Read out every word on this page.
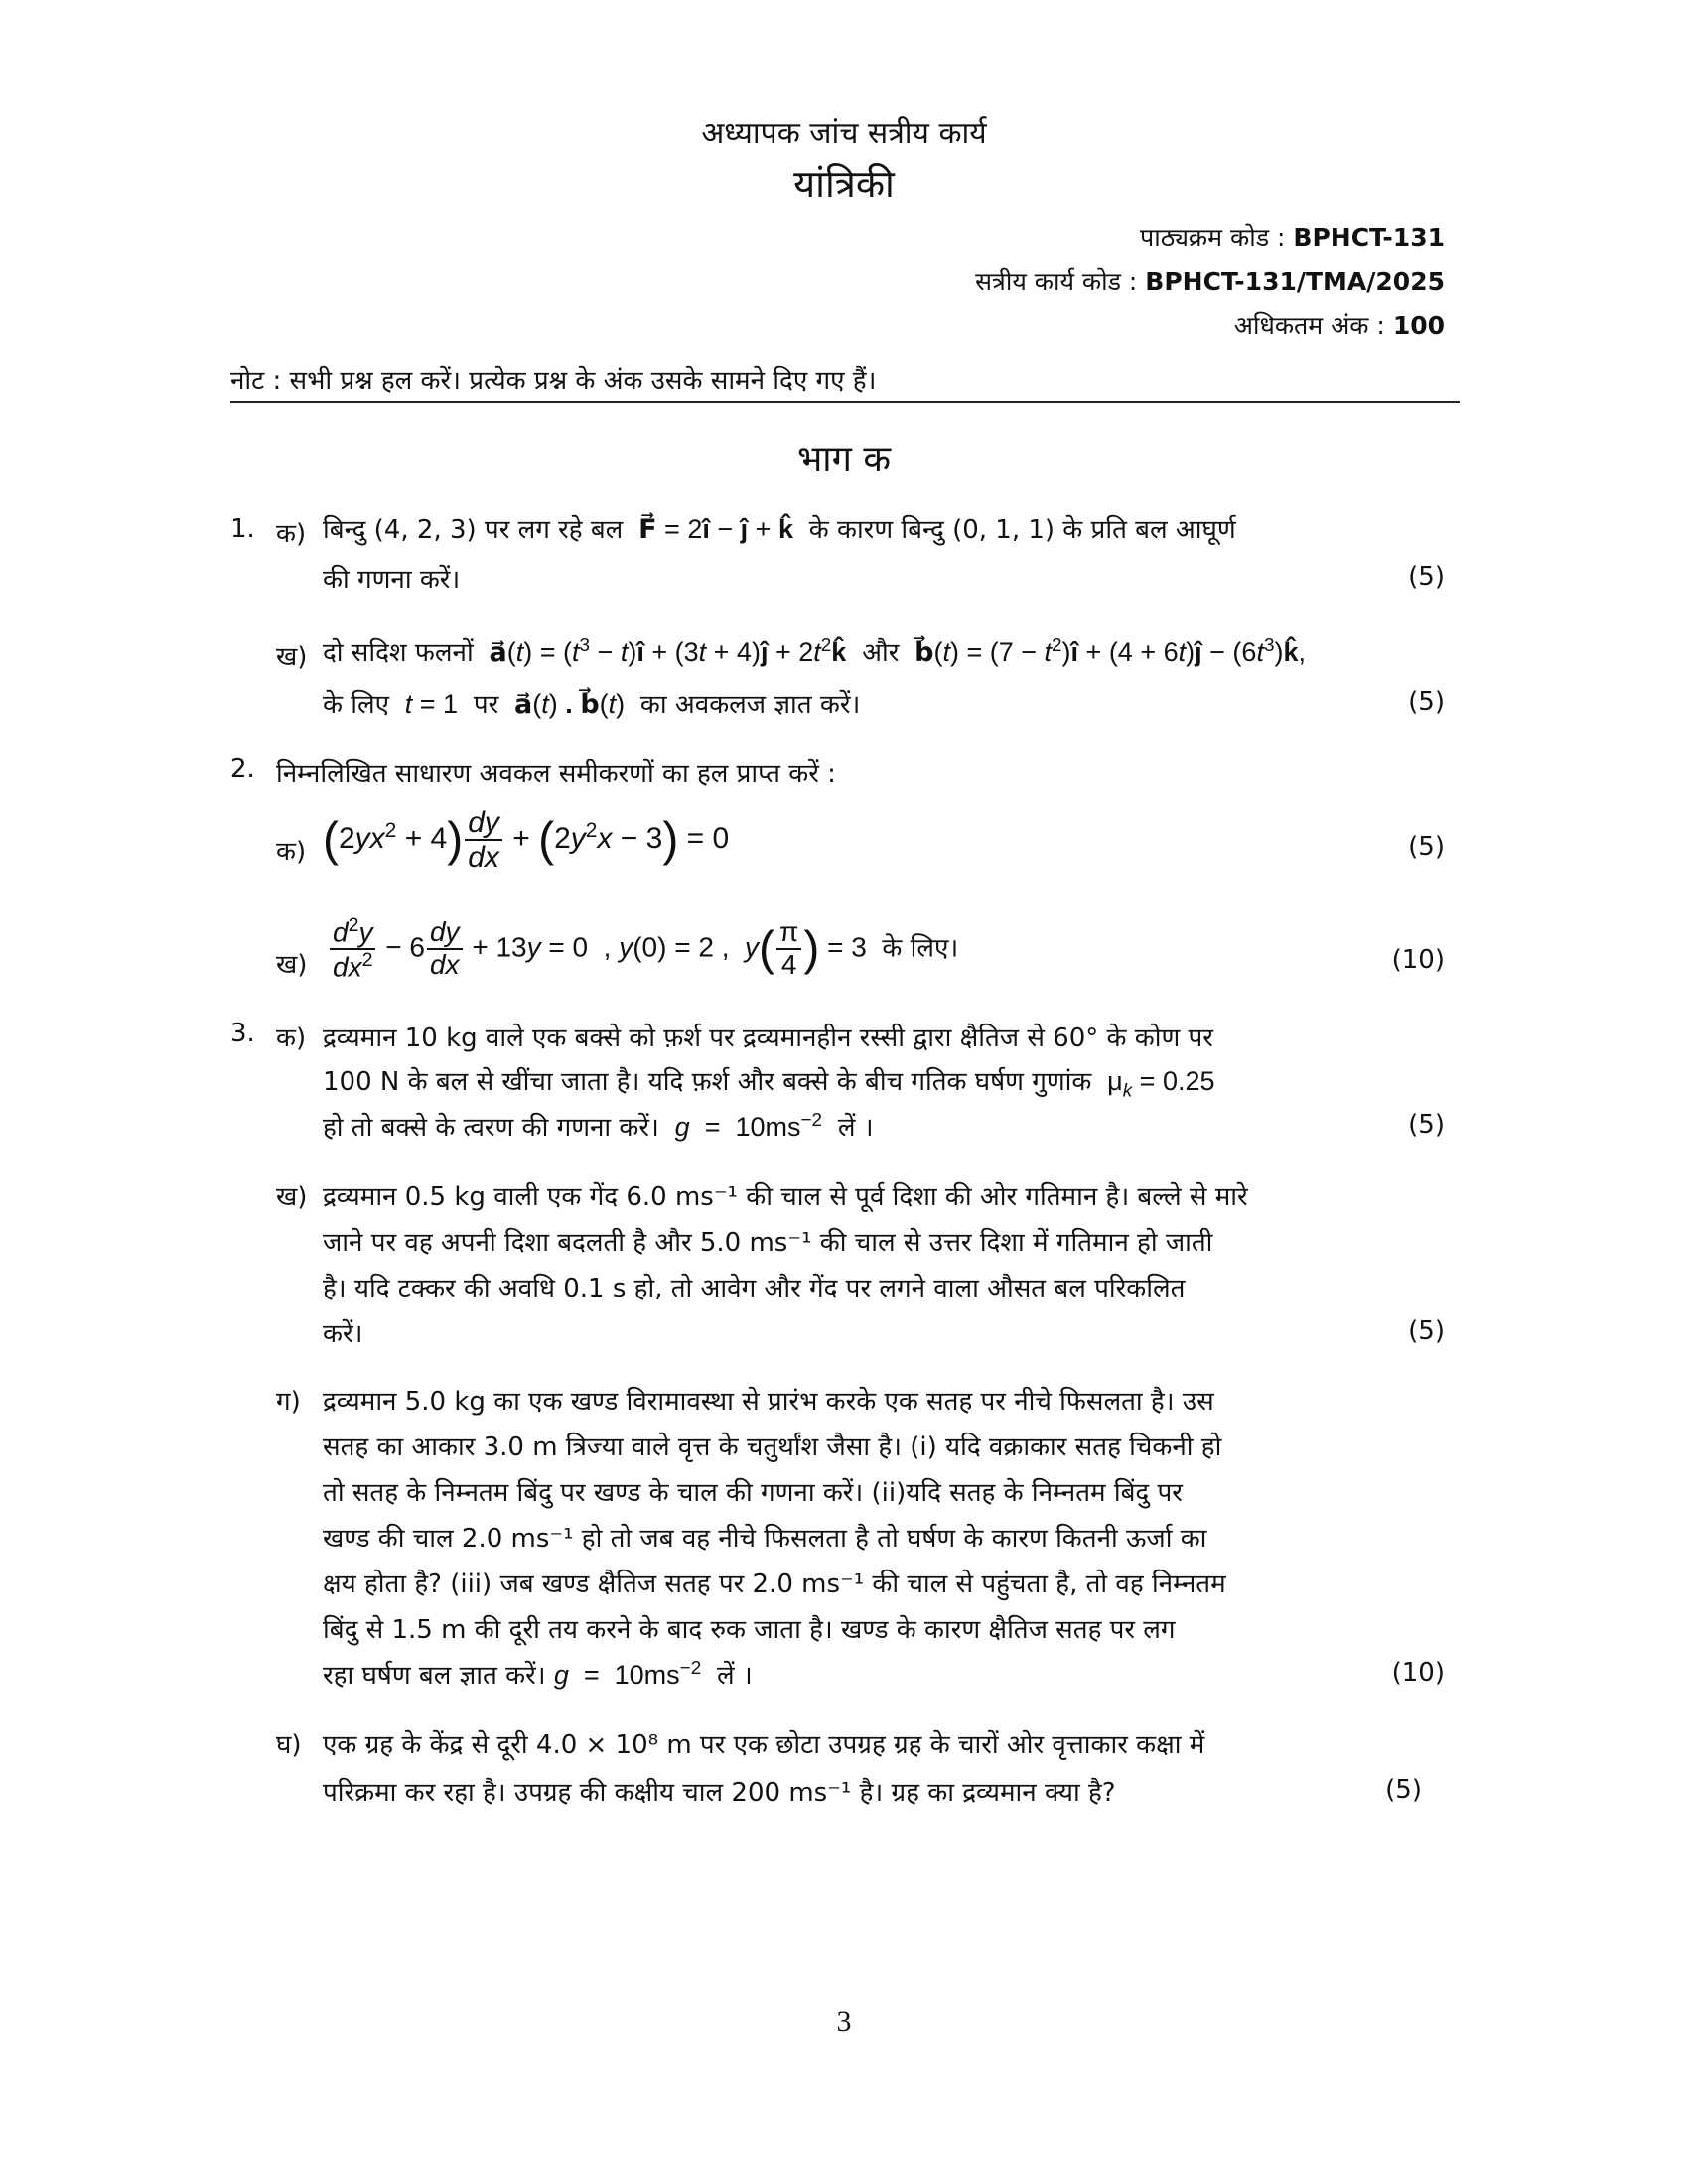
अध्यापक जांच सत्रीय कार्य
यांत्रिकी
पाठ्यक्रम कोड : BPHCT-131
सत्रीय कार्य कोड : BPHCT-131/TMA/2025
अधिकतम अंक : 100
नोट : सभी प्रश्न हल करें। प्रत्येक प्रश्न के अंक उसके सामने दिए गए हैं।
भाग क
1. क) बिन्दु (4, 2, 3) पर लग रहे बल F⃗ = 2î − ĵ + k̂ के कारण बिन्दु (0, 1, 1) के प्रति बल आघूर्ण
की गणना करें।	(5)
ख) दो सदिश फलनों a⃗(t) = ($t^3$ − t)î + (3t + 4)ĵ + $2t^2k̂$ और b⃗(t) = $(7 - t^2)î + (4$ + 6t)ĵ − $(6t^3)k̂$,
के लिए t = 1  पर a⃗(t) . b⃗(t)  का अवकलज ज्ञात करें।	(5)
2. निम्नलिखित साधारण अवकल समीकरणों का हल प्राप्त करें :
क) $(2yx^2 + 4) \frac{dy}{dx} + (2y^2x - 3) = 0$	(5)
ख) $\frac{d^2y}{dx^2} - 6 \frac{dy}{dx} + 13y = 0$  , y(0) = 2 ,  $y( \frac{\pi}{4}$ ) = 3  के लिए।	(10)
3. क) द्रव्यमान 10 kg वाले एक बक्से को फ़र्श पर द्रव्यमानहीन रस्सी द्वारा क्षैतिज से 60° के कोण पर
100 N के बल से खींचा जाता है। यदि फ़र्श और बक्से के बीच गतिक घर्षण गुणांक  $\mu_k = 0.25$
हो तो बक्से के त्वरण की गणना करें। $g = 10ms^{-2}$ लें ।	(5)
ख) द्रव्यमान 0.5 kg वाली एक गेंद 6.0 ms⁻¹ की चाल से पूर्व दिशा की ओर गतिमान है। बल्ले से मारे
जाने पर वह अपनी दिशा बदलती है और 5.0 ms⁻¹ की चाल से उत्तर दिशा में गतिमान हो जाती
है। यदि टक्कर की अवधि 0.1 s हो, तो आवेग और गेंद पर लगने वाला औसत बल परिकलित
करें।	(5)
ग) द्रव्यमान 5.0 kg का एक खण्ड विरामावस्था से प्रारंभ करके एक सतह पर नीचे फिसलता है। उस
सतह का आकार 3.0 m त्रिज्या वाले वृत्त के चतुर्थांश जैसा है। (i) यदि वक्राकार सतह चिकनी हो
तो सतह के निम्नतम बिंदु पर खण्ड के चाल की गणना करें। (ii)यदि सतह के निम्नतम बिंदु पर
खण्ड की चाल 2.0 ms⁻¹ हो तो जब वह नीचे फिसलता है तो घर्षण के कारण कितनी ऊर्जा का
क्षय होता है? (iii) जब खण्ड क्षैतिज सतह पर 2.0 ms⁻¹ की चाल से पहुंचता है, तो वह निम्नतम
बिंदु से 1.5 m की दूरी तय करने के बाद रुक जाता है। खण्ड के कारण क्षैतिज सतह पर लग
रहा घर्षण बल ज्ञात करें। $g = 10ms^{-2}$ लें ।	(10)
घ) एक ग्रह के केंद्र से दूरी 4.0 × 10⁸ m पर एक छोटा उपग्रह ग्रह के चारों ओर वृत्ताकार कक्षा में
परिक्रमा कर रहा है। उपग्रह की कक्षीय चाल 200 ms⁻¹ है। ग्रह का द्रव्यमान क्या है?	(5)
3
